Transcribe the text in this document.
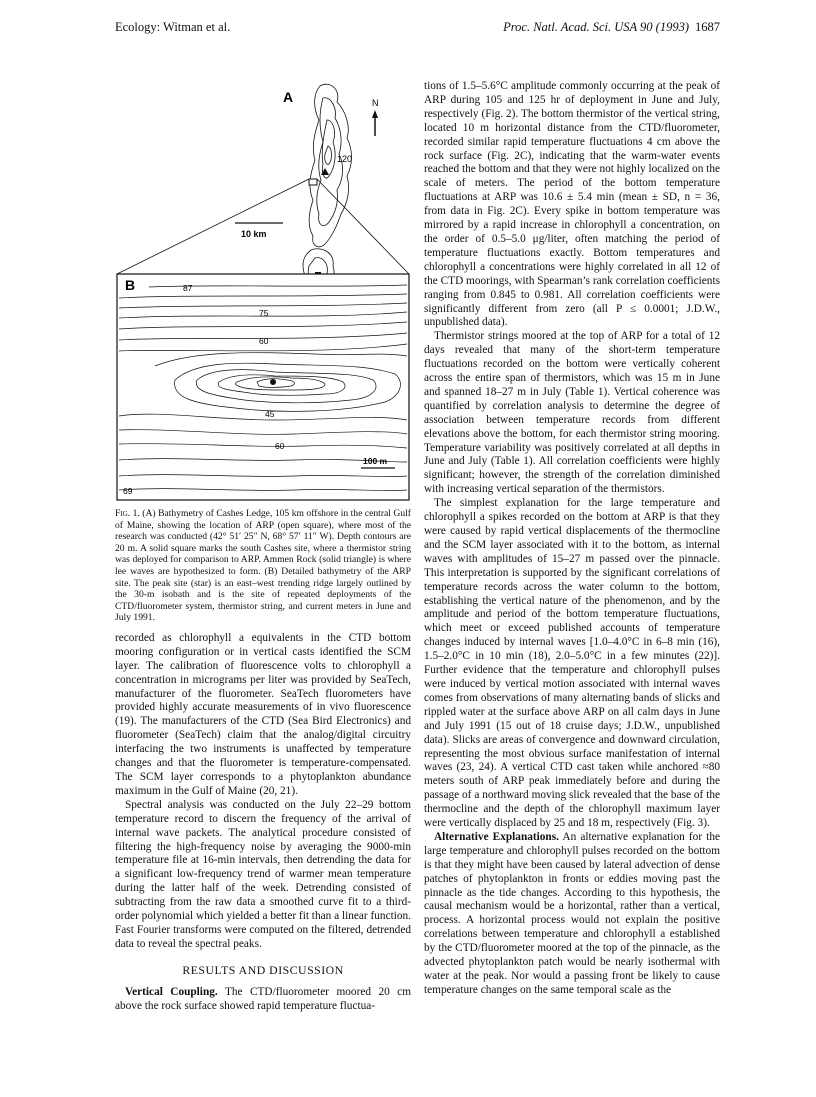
Ecology: Witman et al.	Proc. Natl. Acad. Sci. USA 90 (1993) 1687
120
A	N
10 km
B	87
75
60
45
60
69
100 m
Fig. 1. (A) Bathymetry of Cashes Ledge, 105 km offshore in the central Gulf of Maine, showing the location of ARP (open square), where most of the research was conducted (42° 51′ 25″ N, 68° 57′ 11″ W). Depth contours are 20 m. A solid square marks the south Cashes site, where a thermistor string was deployed for comparison to ARP. Ammen Rock (solid triangle) is where lee waves are hypothesized to form. (B) Detailed bathymetry of the ARP site. The peak site (star) is an east–west trending ridge largely outlined by the 30-m isobath and is the site of repeated deployments of the CTD/fluorometer system, thermistor string, and current meters in June and July 1991.

recorded as chlorophyll a equivalents in the CTD bottom mooring configuration or in vertical casts identified the SCM layer. The calibration of fluorescence volts to chlorophyll a concentration in micrograms per liter was provided by SeaTech, manufacturer of the fluorometer. SeaTech fluorometers have provided highly accurate measurements of in vivo fluorescence (19). The manufacturers of the CTD (Sea Bird Electronics) and fluorometer (SeaTech) claim that the analog/digital circuitry interfacing the two instruments is unaffected by temperature changes and that the fluorometer is temperature-compensated. The SCM layer corresponds to a phytoplankton abundance maximum in the Gulf of Maine (20, 21).

Spectral analysis was conducted on the July 22–29 bottom temperature record to discern the frequency of the arrival of internal wave packets. The analytical procedure consisted of filtering the high-frequency noise by averaging the 9000-min temperature file at 16-min intervals, then detrending the data for a significant low-frequency trend of warmer mean temperature during the latter half of the week. Detrending consisted of subtracting from the raw data a smoothed curve fit to a third-order polynomial which yielded a better fit than a linear function. Fast Fourier transforms were computed on the filtered, detrended data to reveal the spectral peaks.

RESULTS AND DISCUSSION

Vertical Coupling. The CTD/fluorometer moored 20 cm above the rock surface showed rapid temperature fluctua-

tions of 1.5–5.6°C amplitude commonly occurring at the peak of ARP during 105 and 125 hr of deployment in June and July, respectively (Fig. 2). The bottom thermistor of the vertical string, located 10 m horizontal distance from the CTD/fluorometer, recorded similar rapid temperature fluctuations 4 cm above the rock surface (Fig. 2C), indicating that the warm-water events reached the bottom and that they were not highly localized on the scale of meters. The period of the bottom temperature fluctuations at ARP was 10.6 ± 5.4 min (mean ± SD, n = 36, from data in Fig. 2C). Every spike in bottom temperature was mirrored by a rapid increase in chlorophyll a concentration, on the order of 0.5–5.0 μg/liter, often matching the period of temperature fluctuations exactly. Bottom temperatures and chlorophyll a concentrations were highly correlated in all 12 of the CTD moorings, with Spearman’s rank correlation coefficients ranging from 0.845 to 0.981. All correlation coefficients were significantly different from zero (all P ≤ 0.0001; J.D.W., unpublished data).

Thermistor strings moored at the top of ARP for a total of 12 days revealed that many of the short-term temperature fluctuations recorded on the bottom were vertically coherent across the entire span of thermistors, which was 15 m in June and spanned 18–27 m in July (Table 1). Vertical coherence was quantified by correlation analysis to determine the degree of association between temperature records from different elevations above the bottom, for each thermistor string mooring. Temperature variability was positively correlated at all depths in June and July (Table 1). All correlation coefficients were highly significant; however, the strength of the correlation diminished with increasing vertical separation of the thermistors.

The simplest explanation for the large temperature and chlorophyll a spikes recorded on the bottom at ARP is that they were caused by rapid vertical displacements of the thermocline and the SCM layer associated with it to the bottom, as internal waves with amplitudes of 15–27 m passed over the pinnacle. This interpretation is supported by the significant correlations of temperature records across the water column to the bottom, establishing the vertical nature of the phenomenon, and by the amplitude and period of the bottom temperature fluctuations, which meet or exceed published accounts of temperature changes induced by internal waves [1.0–4.0°C in 6–8 min (16), 1.5–2.0°C in 10 min (18), 2.0–5.0°C in a few minutes (22)]. Further evidence that the temperature and chlorophyll pulses were induced by vertical motion associated with internal waves comes from observations of many alternating bands of slicks and rippled water at the surface above ARP on all calm days in June and July 1991 (15 out of 18 cruise days; J.D.W., unpublished data). Slicks are areas of convergence and downward circulation, representing the most obvious surface manifestation of internal waves (23, 24). A vertical CTD cast taken while anchored ≈80 meters south of ARP peak immediately before and during the passage of a northward moving slick revealed that the base of the thermocline and the depth of the chlorophyll maximum layer were vertically displaced by 25 and 18 m, respectively (Fig. 3).

Alternative Explanations. An alternative explanation for the large temperature and chlorophyll pulses recorded on the bottom is that they might have been caused by lateral advection of dense patches of phytoplankton in fronts or eddies moving past the pinnacle as the tide changes. According to this hypothesis, the causal mechanism would be a horizontal, rather than a vertical, process. A horizontal process would not explain the positive correlations between temperature and chlorophyll a established by the CTD/fluorometer moored at the top of the pinnacle, as the advected phytoplankton patch would be nearly isothermal with water at the peak. Nor would a passing front be likely to cause temperature changes on the same temporal scale as the
